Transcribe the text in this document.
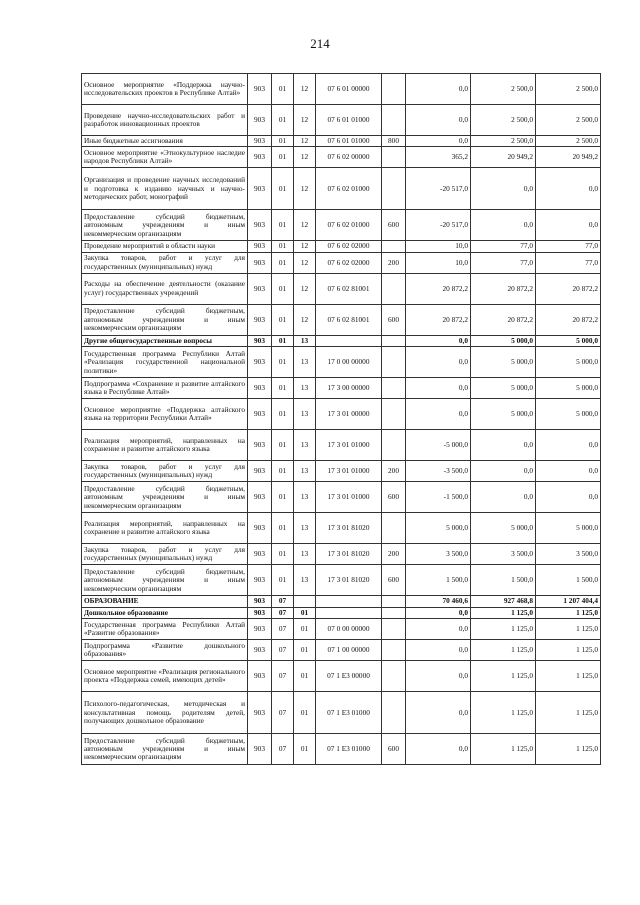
214
Основное мероприятие «Поддержка научно-исследовательских проектов в Республике Алтай»	903	01	12	07 6 01 00000		0,0	2 500,0	2 500,0
Проведение научно-исследовательских работ и разработок инновационных проектов	903	01	12	07 6 01 01000		0,0	2 500,0	2 500,0
Иные бюджетные ассигнования	903	01	12	07 6 01 01000	800	0,0	2 500,0	2 500,0
Основное мероприятие «Этнокультурное наследие народов Республики Алтай»	903	01	12	07 6 02 00000		365,2	20 949,2	20 949,2
Организация и проведение научных исследований и подготовка к изданию научных и научно-методических работ, монографий	903	01	12	07 6 02 01000		-20 517,0	0,0	0,0
Предоставление субсидий бюджетным, автономным учреждениям и иным некоммерческим организациям	903	01	12	07 6 02 01000	600	-20 517,0	0,0	0,0
Проведение мероприятий в области науки	903	01	12	07 6 02 02000		10,0	77,0	77,0
Закупка товаров, работ и услуг для государственных (муниципальных) нужд	903	01	12	07 6 02 02000	200	10,0	77,0	77,0
Расходы на обеспечение деятельности (оказание услуг) государственных учреждений	903	01	12	07 6 02 81001		20 872,2	20 872,2	20 872,2
Предоставление субсидий бюджетным, автономным учреждениям и иным некоммерческим организациям	903	01	12	07 6 02 81001	600	20 872,2	20 872,2	20 872,2
Другие общегосударственные вопросы	903	01	13			0,0	5 000,0	5 000,0
Государственная программа Республики Алтай «Реализация государственной национальной политики»	903	01	13	17 0 00 00000		0,0	5 000,0	5 000,0
Подпрограмма «Сохранение и развитие алтайского языка в Республике Алтай»	903	01	13	17 3 00 00000		0,0	5 000,0	5 000,0
Основное мероприятие «Поддержка алтайского языка на территории Республики Алтай»	903	01	13	17 3 01 00000		0,0	5 000,0	5 000,0
Реализация мероприятий, направленных на сохранение и развитие алтайского языка	903	01	13	17 3 01 01000		-5 000,0	0,0	0,0
Закупка товаров, работ и услуг для государственных (муниципальных) нужд	903	01	13	17 3 01 01000	200	-3 500,0	0,0	0,0
Предоставление субсидий бюджетным, автономным учреждениям и иным некоммерческим организациям	903	01	13	17 3 01 01000	600	-1 500,0	0,0	0,0
Реализация мероприятий, направленных на сохранение и развитие алтайского языка	903	01	13	17 3 01 81020		5 000,0	5 000,0	5 000,0
Закупка товаров, работ и услуг для государственных (муниципальных) нужд	903	01	13	17 3 01 81020	200	3 500,0	3 500,0	3 500,0
Предоставление субсидий бюджетным, автономным учреждениям и иным некоммерческим организациям	903	01	13	17 3 01 81020	600	1 500,0	1 500,0	1 500,0
ОБРАЗОВАНИЕ	903	07				70 460,6	927 468,8	1 207 404,4
Дошкольное образование	903	07	01			0,0	1 125,0	1 125,0
Государственная программа Республики Алтай «Развитие образования»	903	07	01	07 0 00 00000		0,0	1 125,0	1 125,0
Подпрограмма «Развитие дошкольного образования»	903	07	01	07 1 00 00000		0,0	1 125,0	1 125,0
Основное мероприятие «Реализация регионального проекта «Поддержка семей, имеющих детей»	903	07	01	07 1 E3 00000		0,0	1 125,0	1 125,0
Психолого-педагогическая, методическая и консультативная помощь родителям детей, получающих дошкольное образование	903	07	01	07 1 E3 01000		0,0	1 125,0	1 125,0
Предоставление субсидий бюджетным, автономным учреждениям и иным некоммерческим организациям	903	07	01	07 1 E3 01000	600	0,0	1 125,0	1 125,0
